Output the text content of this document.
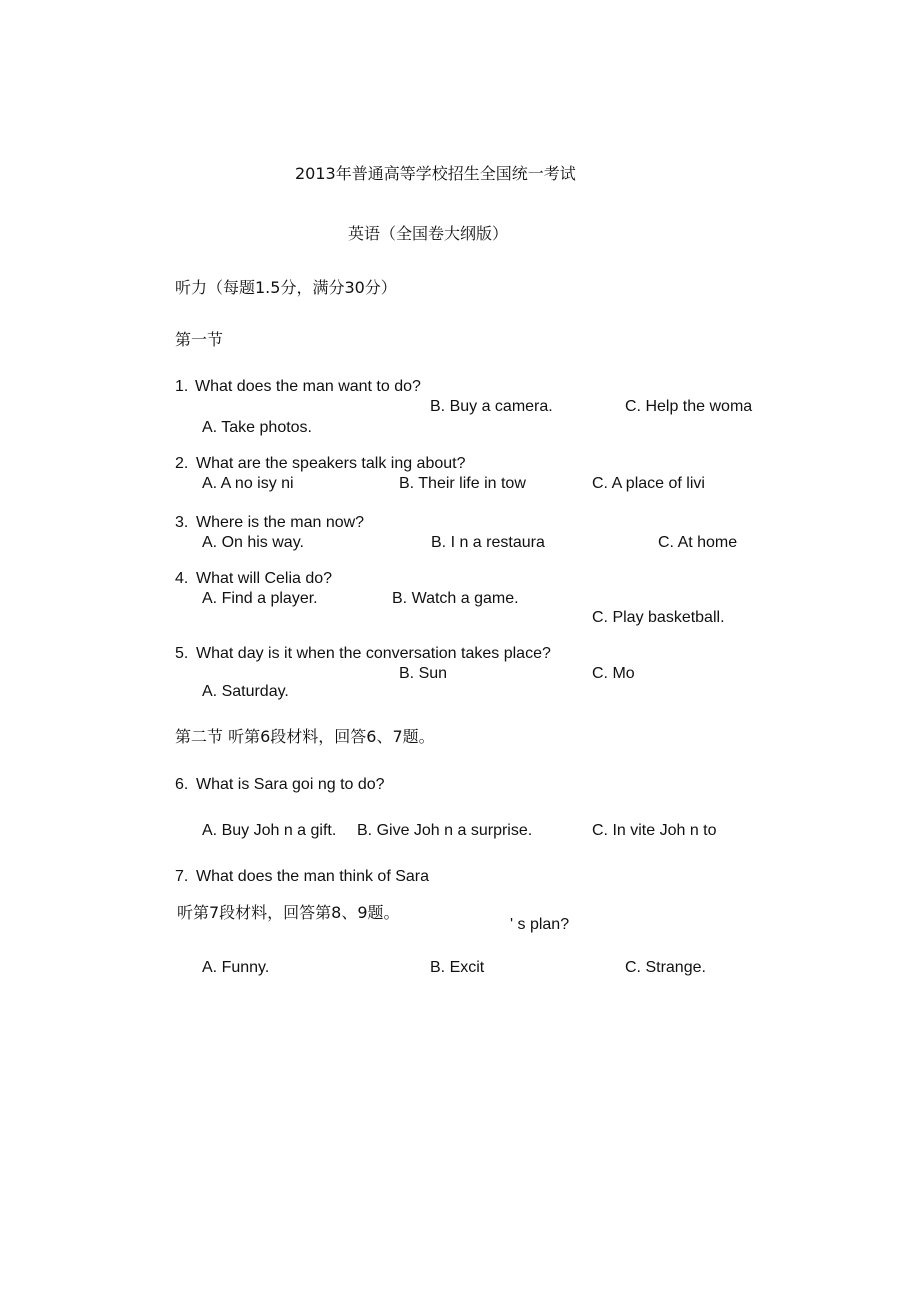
2013年普通高等学校招生全国统一考试
英语（全国卷大纲版）
听力（每题1.5分，满分30分）
第一节
1. What does the man want to do?
B. Buy a camera.	C. Help the woma
A. Take photos.
2. What are the speakers talk ing about?
A. A no isy ni	B. Their life in tow	C. A place of livi
3. Where is the man now?
A. On his way.	B. I n a restaura	C. At home
4. What will Celia do?
A. Find a player.	B. Watch a game.
C. Play basketball.
5. What day is it when the conversation takes place?
B. Sun	C. Mo
A. Saturday.
第二节 听第6段材料，回答6、7题。
6. What is Sara goi ng to do?
A. Buy Joh n a gift. B. Give Joh n a surprise.	C. In vite Joh n to
7. What does the man think of Sara
听第7段材料，回答第8、9题。
' s plan?
A. Funny.	B. Excit	C. Strange.
